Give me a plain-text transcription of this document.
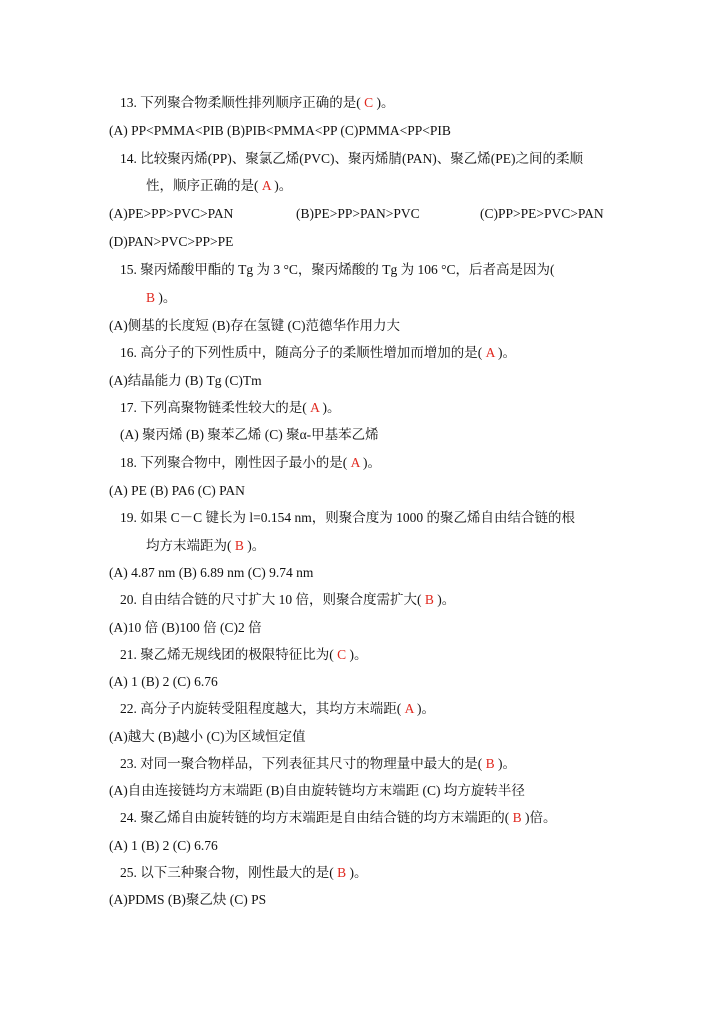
13. 下列聚合物柔顺性排列顺序正确的是( C )。
(A) PP<PMMA<PIB (B)PIB<PMMA<PP (C)PMMA<PP<PIB
14. 比较聚丙烯(PP)、聚氯乙烯(PVC)、聚丙烯腈(PAN)、聚乙烯(PE)之间的柔顺
性，顺序正确的是( A )。
(A)PE>PP>PVC>PAN	(B)PE>PP>PAN>PVC	(C)PP>PE>PVC>PAN
(D)PAN>PVC>PP>PE
15. 聚丙烯酸甲酯的 Tg 为 3 °C，聚丙烯酸的 Tg 为 106 °C，后者高是因为(
B )。
(A)侧基的长度短 (B)存在氢键 (C)范德华作用力大
16. 高分子的下列性质中，随高分子的柔顺性增加而增加的是( A )。
(A)结晶能力 (B) Tg (C)Tm
17. 下列高聚物链柔性较大的是( A )。
(A) 聚丙烯 (B) 聚苯乙烯 (C) 聚α-甲基苯乙烯
18. 下列聚合物中，刚性因子最小的是( A )。
(A) PE (B) PA6 (C) PAN
19. 如果 C－C 键长为 l=0.154 nm，则聚合度为 1000 的聚乙烯自由结合链的根
均方末端距为( B )。
(A) 4.87 nm (B) 6.89 nm (C) 9.74 nm
20. 自由结合链的尺寸扩大 10 倍，则聚合度需扩大( B )。
(A)10 倍 (B)100 倍 (C)2 倍
21. 聚乙烯无规线团的极限特征比为( C )。
(A) 1 (B) 2 (C) 6.76
22. 高分子内旋转受阻程度越大，其均方末端距( A )。
(A)越大 (B)越小 (C)为区域恒定值
23. 对同一聚合物样品，下列表征其尺寸的物理量中最大的是( B )。
(A)自由连接链均方末端距 (B)自由旋转链均方末端距 (C) 均方旋转半径
24. 聚乙烯自由旋转链的均方末端距是自由结合链的均方末端距的( B )倍。
(A) 1 (B) 2 (C) 6.76
25. 以下三种聚合物，刚性最大的是( B )。
(A)PDMS (B)聚乙炔 (C) PS
